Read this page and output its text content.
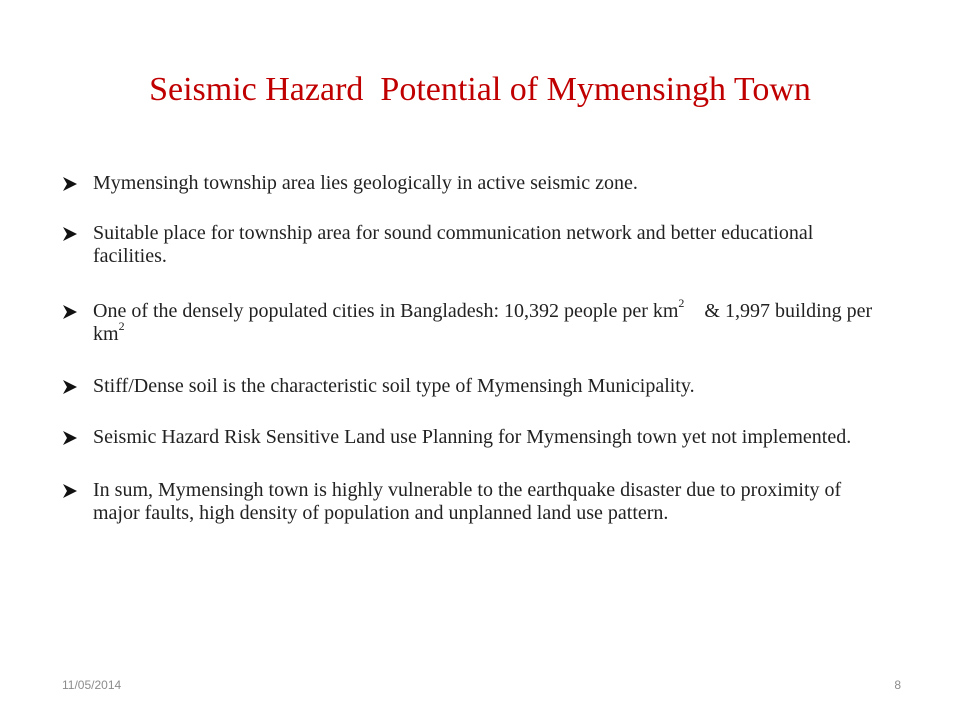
Seismic Hazard  Potential of Mymensingh Town
Mymensingh township area lies geologically in active seismic zone.
Suitable place for township area for sound communication network and better educational facilities.
One of the densely populated cities in Bangladesh: 10,392 people per $km^2$    & 1,997 building per $km^2$
Stiff/Dense soil is the characteristic soil type of Mymensingh Municipality.
Seismic Hazard Risk Sensitive Land use Planning for Mymensingh town yet not implemented.
In sum, Mymensingh town is highly vulnerable to the earthquake disaster due to proximity of major faults, high density of population and unplanned land use pattern.
11/05/2014	8
